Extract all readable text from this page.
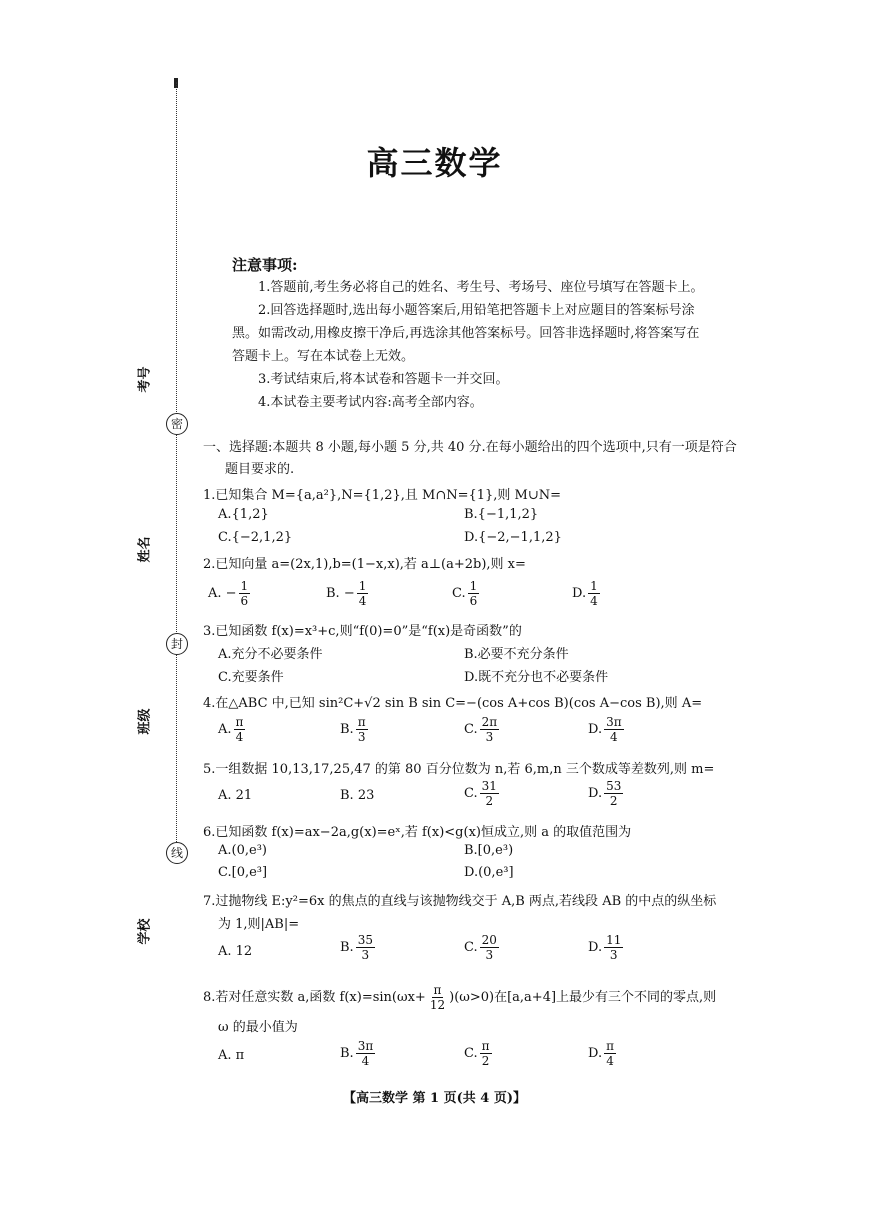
密
封
线
考号
姓名
班级
学校
高三数学
注意事项:

1.答题前,考生务必将自己的姓名、考生号、考场号、座位号填写在答题卡上。

2.回答选择题时,选出每小题答案后,用铅笔把答题卡上对应题目的答案标号涂

黑。如需改动,用橡皮擦干净后,再选涂其他答案标号。回答非选择题时,将答案写在

答题卡上。写在本试卷上无效。

3.考试结束后,将本试卷和答题卡一并交回。

4.本试卷主要考试内容:高考全部内容。

一、选择题:本题共 8 小题,每小题 5 分,共 40 分.在每小题给出的四个选项中,只有一项是符合
题目要求的.
1.已知集合 M={a,a²},N={1,2},且 M∩N={1},则 M∪N=
A.{1,2}	B.{−1,1,2}
C.{−2,1,2}	D.{−2,−1,1,2}
2.已知向量 a=(2x,1),b=(1−x,x),若 a⊥(a+2b),则 x=
A. − $\frac{1}{6}$	B. − $\frac{1}{4}$	C. $\frac{1}{6}$	D. $\frac{1}{4}$
3.已知函数 f(x)=x³+c,则“f(0)=0”是“f(x)是奇函数”的
A.充分不必要条件	B.必要不充分条件
C.充要条件	D.既不充分也不必要条件
4.在△ABC 中,已知 sin²C+√2 sin B sin C=−(cos A+cos B)(cos A−cos B),则 A=
A. $\frac{\pi}{4}$	B. $\frac{\pi}{3}$	C. $\frac{2\pi}{3}$	D. $\frac{3\pi}{4}$
5.一组数据 10,13,17,25,47 的第 80 百分位数为 n,若 6,m,n 三个数成等差数列,则 m=
A. 21	B. 23	C. $\frac{31}{2}$	D. $\frac{53}{2}$
6.已知函数 f(x)=ax−2a,g(x)=eˣ,若 f(x)<g(x)恒成立,则 a 的取值范围为
A.(0,e³)	B.[0,e³)
C.[0,e³]	D.(0,e³]
7.过抛物线 E:y²=6x 的焦点的直线与该抛物线交于 A,B 两点,若线段 AB 的中点的纵坐标
为 1,则|AB|=
A. 12	B. $\frac{35}{3}$	C. $\frac{20}{3}$	D. $\frac{11}{3}$
8.若对任意实数 a,函数 $f(x)=\sin(\omega x+ \frac{\pi}{12} )(\omega>0)$在[a,a+4]上最少有三个不同的零点,则
ω 的最小值为
A. π	B. $\frac{3\pi}{4}$	C. $\frac{\pi}{2}$	D. $\frac{\pi}{4}$
【高三数学 第 1 页(共 4 页)】
